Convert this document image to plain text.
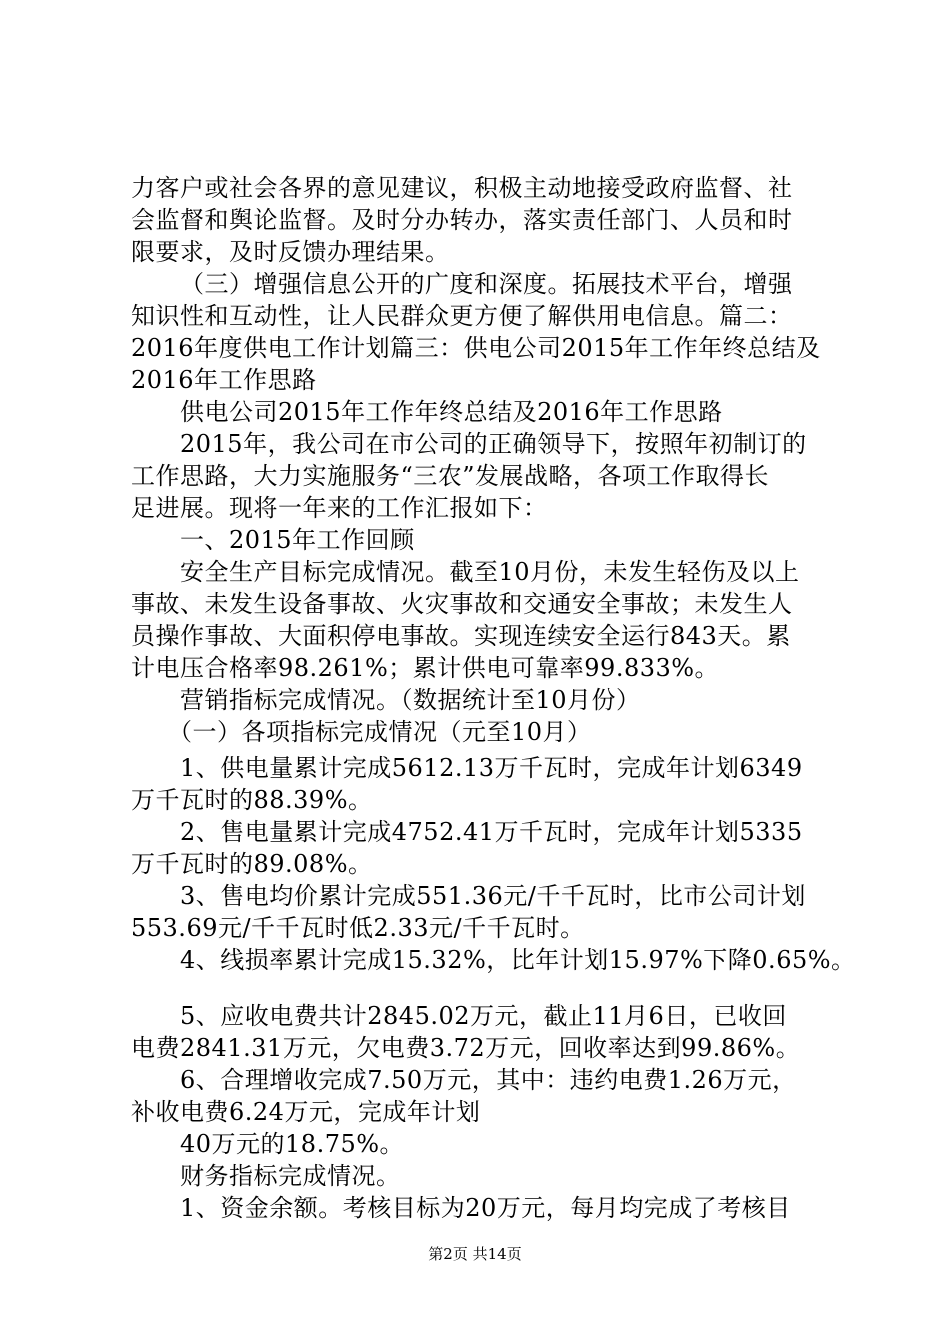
力客户或社会各界的意见建议，积极主动地接受政府监督、社
会监督和舆论监督。及时分办转办，落实责任部门、人员和时
限要求，及时反馈办理结果。
（三）增强信息公开的广度和深度。拓展技术平台，增强
知识性和互动性，让人民群众更方便了解供用电信息。篇二：
2016年度供电工作计划篇三：供电公司2015年工作年终总结及
2016年工作思路
供电公司2015年工作年终总结及2016年工作思路
2015年，我公司在市公司的正确领导下，按照年初制订的
工作思路，大力实施服务“三农”发展战略，各项工作取得长
足进展。现将一年来的工作汇报如下：
一、2015年工作回顾
安全生产目标完成情况。截至10月份，未发生轻伤及以上
事故、未发生设备事故、火灾事故和交通安全事故；未发生人
员操作事故、大面积停电事故。实现连续安全运行843天。累
计电压合格率98.261%；累计供电可靠率99.833%。
营销指标完成情况。（数据统计至10月份）
（一）各项指标完成情况（元至10月）
1、供电量累计完成5612.13万千瓦时，完成年计划6349
万千瓦时的88.39%。
2、售电量累计完成4752.41万千瓦时，完成年计划5335
万千瓦时的89.08%。
3、售电均价累计完成551.36元/千千瓦时，比市公司计划
553.69元/千千瓦时低2.33元/千千瓦时。
4、线损率累计完成15.32%，比年计划15.97%下降0.65%。
5、应收电费共计2845.02万元，截止11月6日，已收回
电费2841.31万元，欠电费3.72万元，回收率达到99.86%。
6、合理增收完成7.50万元，其中：违约电费1.26万元，
补收电费6.24万元，完成年计划
40万元的18.75%。
财务指标完成情况。
1、资金余额。考核目标为20万元，每月均完成了考核目
第2页 共14页
